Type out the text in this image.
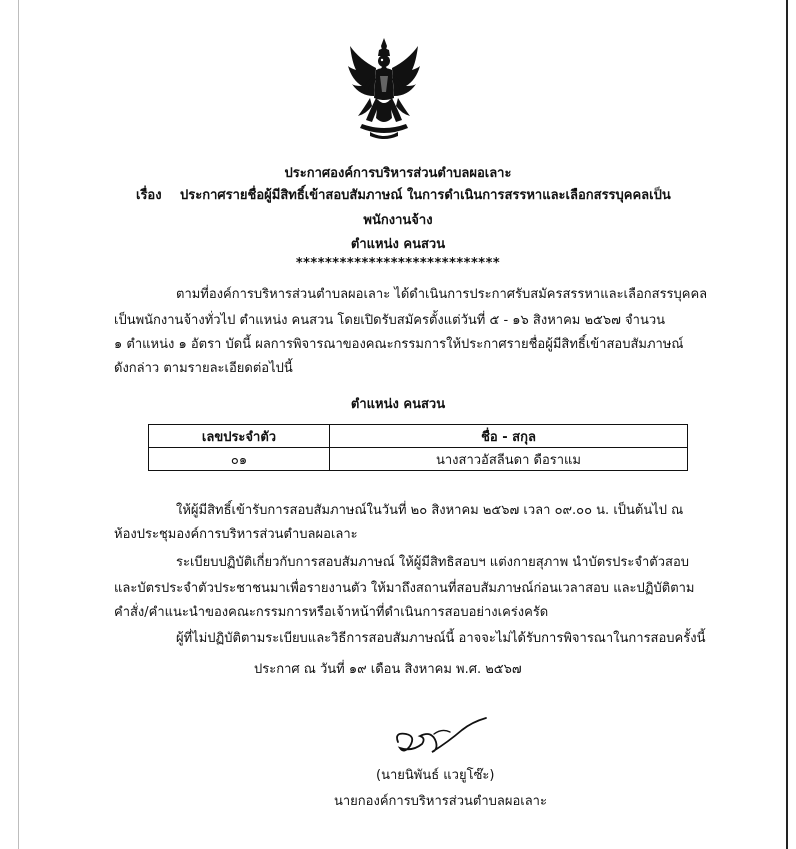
ประกาศองค์การบริหารส่วนตำบลผอเลาะ
เรื่อง ประกาศรายชื่อผู้มีสิทธิ์เข้าสอบสัมภาษณ์ ในการดำเนินการสรรหาและเลือกสรรบุคคลเป็น
พนักงานจ้าง
ตำแหน่ง คนสวน
****************************
ตามที่องค์การบริหารส่วนตำบลผอเลาะ ได้ดำเนินการประกาศรับสมัครสรรหาและเลือกสรรบุคคล
เป็นพนักงานจ้างทั่วไป ตำแหน่ง คนสวน โดยเปิดรับสมัครตั้งแต่วันที่ ๕ - ๑๖ สิงหาคม ๒๕๖๗ จำนวน
๑ ตำแหน่ง ๑ อัตรา บัดนี้ ผลการพิจารณาของคณะกรรมการให้ประกาศรายชื่อผู้มีสิทธิ์เข้าสอบสัมภาษณ์
ดังกล่าว ตามรายละเอียดต่อไปนี้
ตำแหน่ง คนสวน
เลขประจำตัว	ชื่อ - สกุล
๐๑	นางสาวอัสลีนดา ดือราแม
ให้ผู้มีสิทธิ์เข้ารับการสอบสัมภาษณ์ในวันที่ ๒๐ สิงหาคม ๒๕๖๗ เวลา ๐๙.๐๐ น. เป็นต้นไป ณ
ห้องประชุมองค์การบริหารส่วนตำบลผอเลาะ
ระเบียบปฏิบัติเกี่ยวกับการสอบสัมภาษณ์ ให้ผู้มีสิทธิสอบฯ แต่งกายสุภาพ นำบัตรประจำตัวสอบ
และบัตรประจำตัวประชาชนมาเพื่อรายงานตัว ให้มาถึงสถานที่สอบสัมภาษณ์ก่อนเวลาสอบ และปฏิบัติตาม
คำสั่ง/คำแนะนำของคณะกรรมการหรือเจ้าหน้าที่ดำเนินการสอบอย่างเคร่งครัด
ผู้ที่ไม่ปฏิบัติตามระเบียบและวิธีการสอบสัมภาษณ์นี้ อาจจะไม่ได้รับการพิจารณาในการสอบครั้งนี้
ประกาศ ณ วันที่ ๑๙ เดือน สิงหาคม พ.ศ. ๒๕๖๗
(นายนิพันธ์ แวยูโซ๊ะ)
นายกองค์การบริหารส่วนตำบลผอเลาะ
